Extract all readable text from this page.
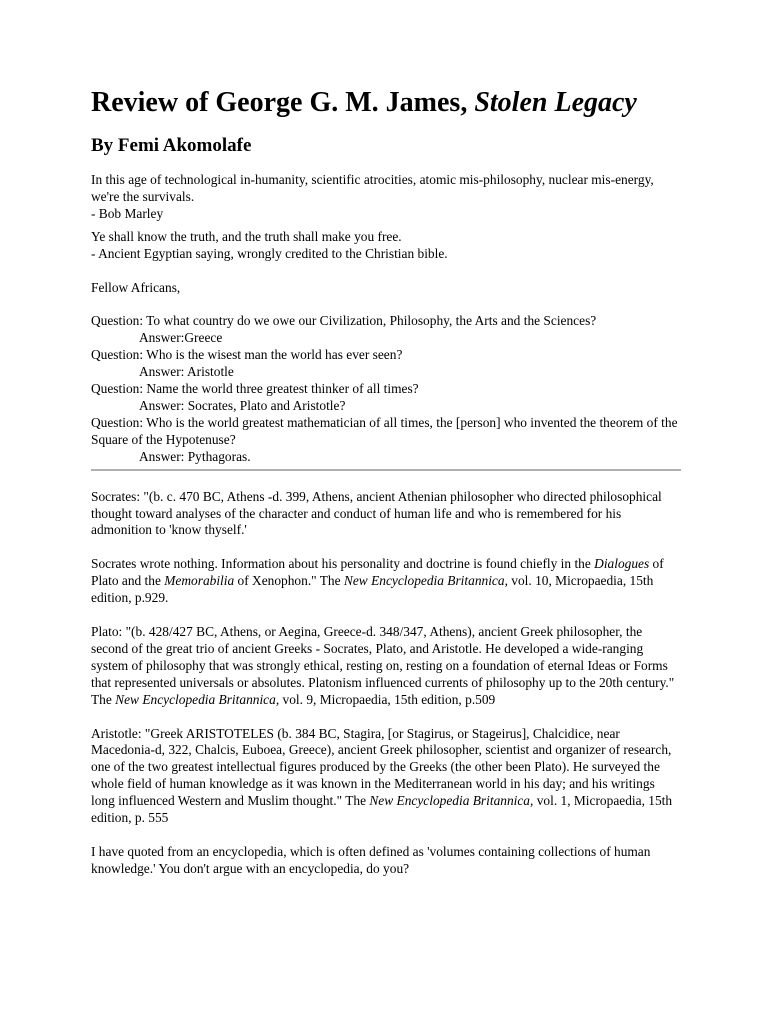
Review of George G. M. James, Stolen Legacy
By Femi Akomolafe

In this age of technological in-humanity, scientific atrocities, atomic mis-philosophy, nuclear mis-energy, we're the survivals.

- Bob Marley

Ye shall know the truth, and the truth shall make you free.

- Ancient Egyptian saying, wrongly credited to the Christian bible.

Fellow Africans,

Question: To what country do we owe our Civilization, Philosophy, the Arts and the Sciences?

Answer:Greece

Question: Who is the wisest man the world has ever seen?

Answer: Aristotle

Question: Name the world three greatest thinker of all times?

Answer: Socrates, Plato and Aristotle?

Question: Who is the world greatest mathematician of all times, the [person] who invented the theorem of the Square of the Hypotenuse?

Answer: Pythagoras.

Socrates: "(b. c. 470 BC, Athens -d. 399, Athens, ancient Athenian philosopher who directed philosophical thought toward analyses of the character and conduct of human life and who is remembered for his admonition to 'know thyself.'

Socrates wrote nothing. Information about his personality and doctrine is found chiefly in the Dialogues of Plato and the Memorabilia of Xenophon." The New Encyclopedia Britannica, vol. 10, Micropaedia, 15th edition, p.929.

Plato: "(b. 428/427 BC, Athens, or Aegina, Greece-d. 348/347, Athens), ancient Greek philosopher, the second of the great trio of ancient Greeks - Socrates, Plato, and Aristotle. He developed a wide-ranging system of philosophy that was strongly ethical, resting on, resting on a foundation of eternal Ideas or Forms that represented universals or absolutes. Platonism influenced currents of philosophy up to the 20th century." The New Encyclopedia Britannica, vol. 9, Micropaedia, 15th edition, p.509

Aristotle: "Greek ARISTOTELES (b. 384 BC, Stagira, [or Stagirus, or Stageirus], Chalcidice, near Macedonia-d, 322, Chalcis, Euboea, Greece), ancient Greek philosopher, scientist and organizer of research, one of the two greatest intellectual figures produced by the Greeks (the other been Plato). He surveyed the whole field of human knowledge as it was known in the Mediterranean world in his day; and his writings long influenced Western and Muslim thought." The New Encyclopedia Britannica, vol. 1, Micropaedia, 15th edition, p. 555

I have quoted from an encyclopedia, which is often defined as 'volumes containing collections of human knowledge.' You don't argue with an encyclopedia, do you?
